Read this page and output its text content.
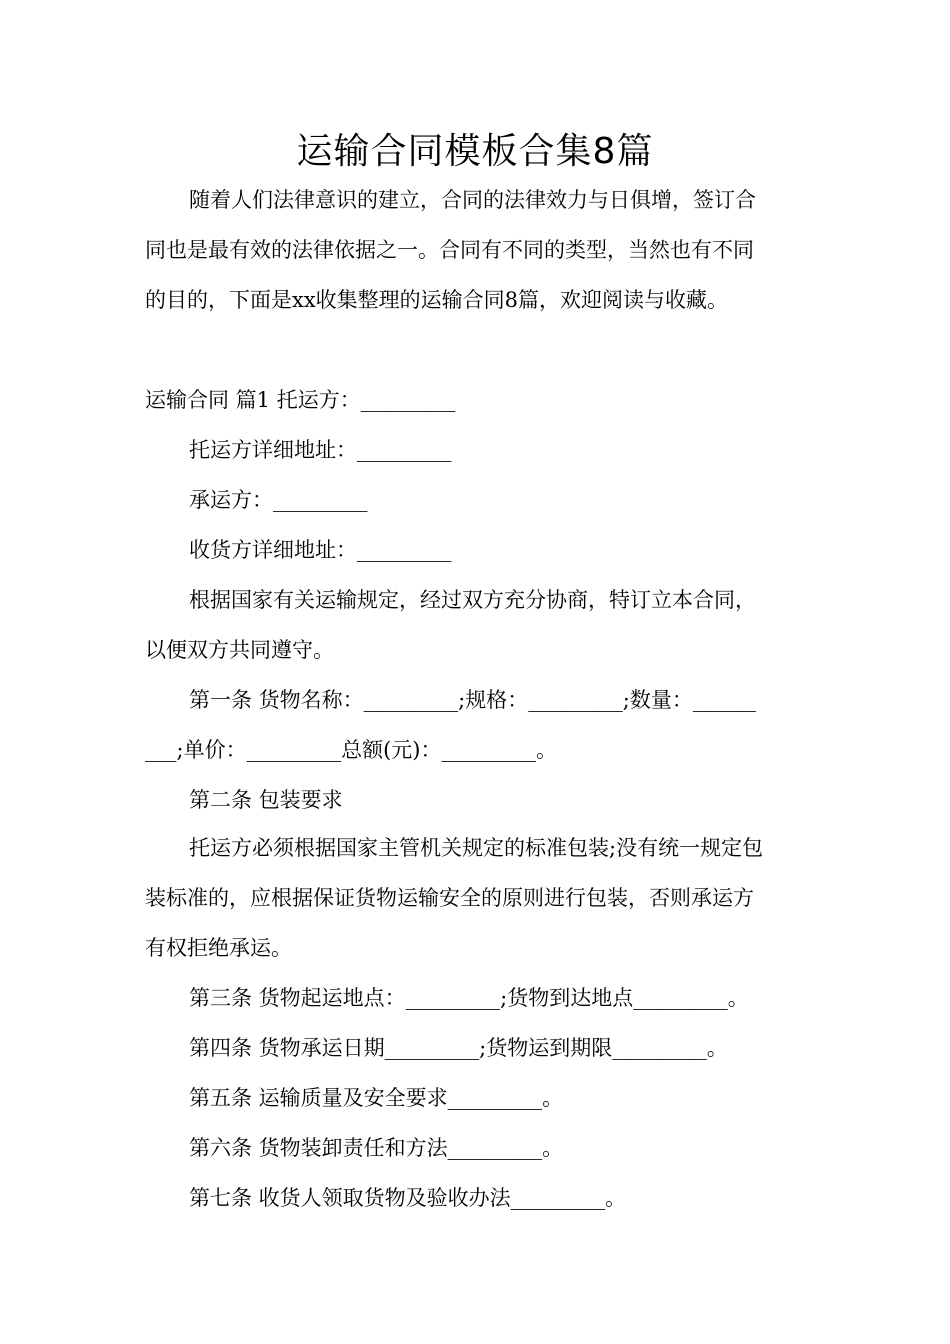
运输合同模板合集8篇
随着人们法律意识的建立，合同的法律效力与日俱增，签订合
同也是最有效的法律依据之一。合同有不同的类型，当然也有不同
的目的，下面是xx收集整理的运输合同8篇，欢迎阅读与收藏。
运输合同 篇1 托运方：_________
托运方详细地址：_________
承运方：_________
收货方详细地址：_________
根据国家有关运输规定，经过双方充分协商，特订立本合同，
以便双方共同遵守。
第一条 货物名称：_________;规格：_________;数量：______
___;单价：_________总额(元)：_________。
第二条 包装要求
托运方必须根据国家主管机关规定的标准包装;没有统一规定包
装标准的，应根据保证货物运输安全的原则进行包装，否则承运方
有权拒绝承运。
第三条 货物起运地点：_________;货物到达地点_________。
第四条 货物承运日期_________;货物运到期限_________。
第五条 运输质量及安全要求_________。
第六条 货物装卸责任和方法_________。
第七条 收货人领取货物及验收办法_________。
